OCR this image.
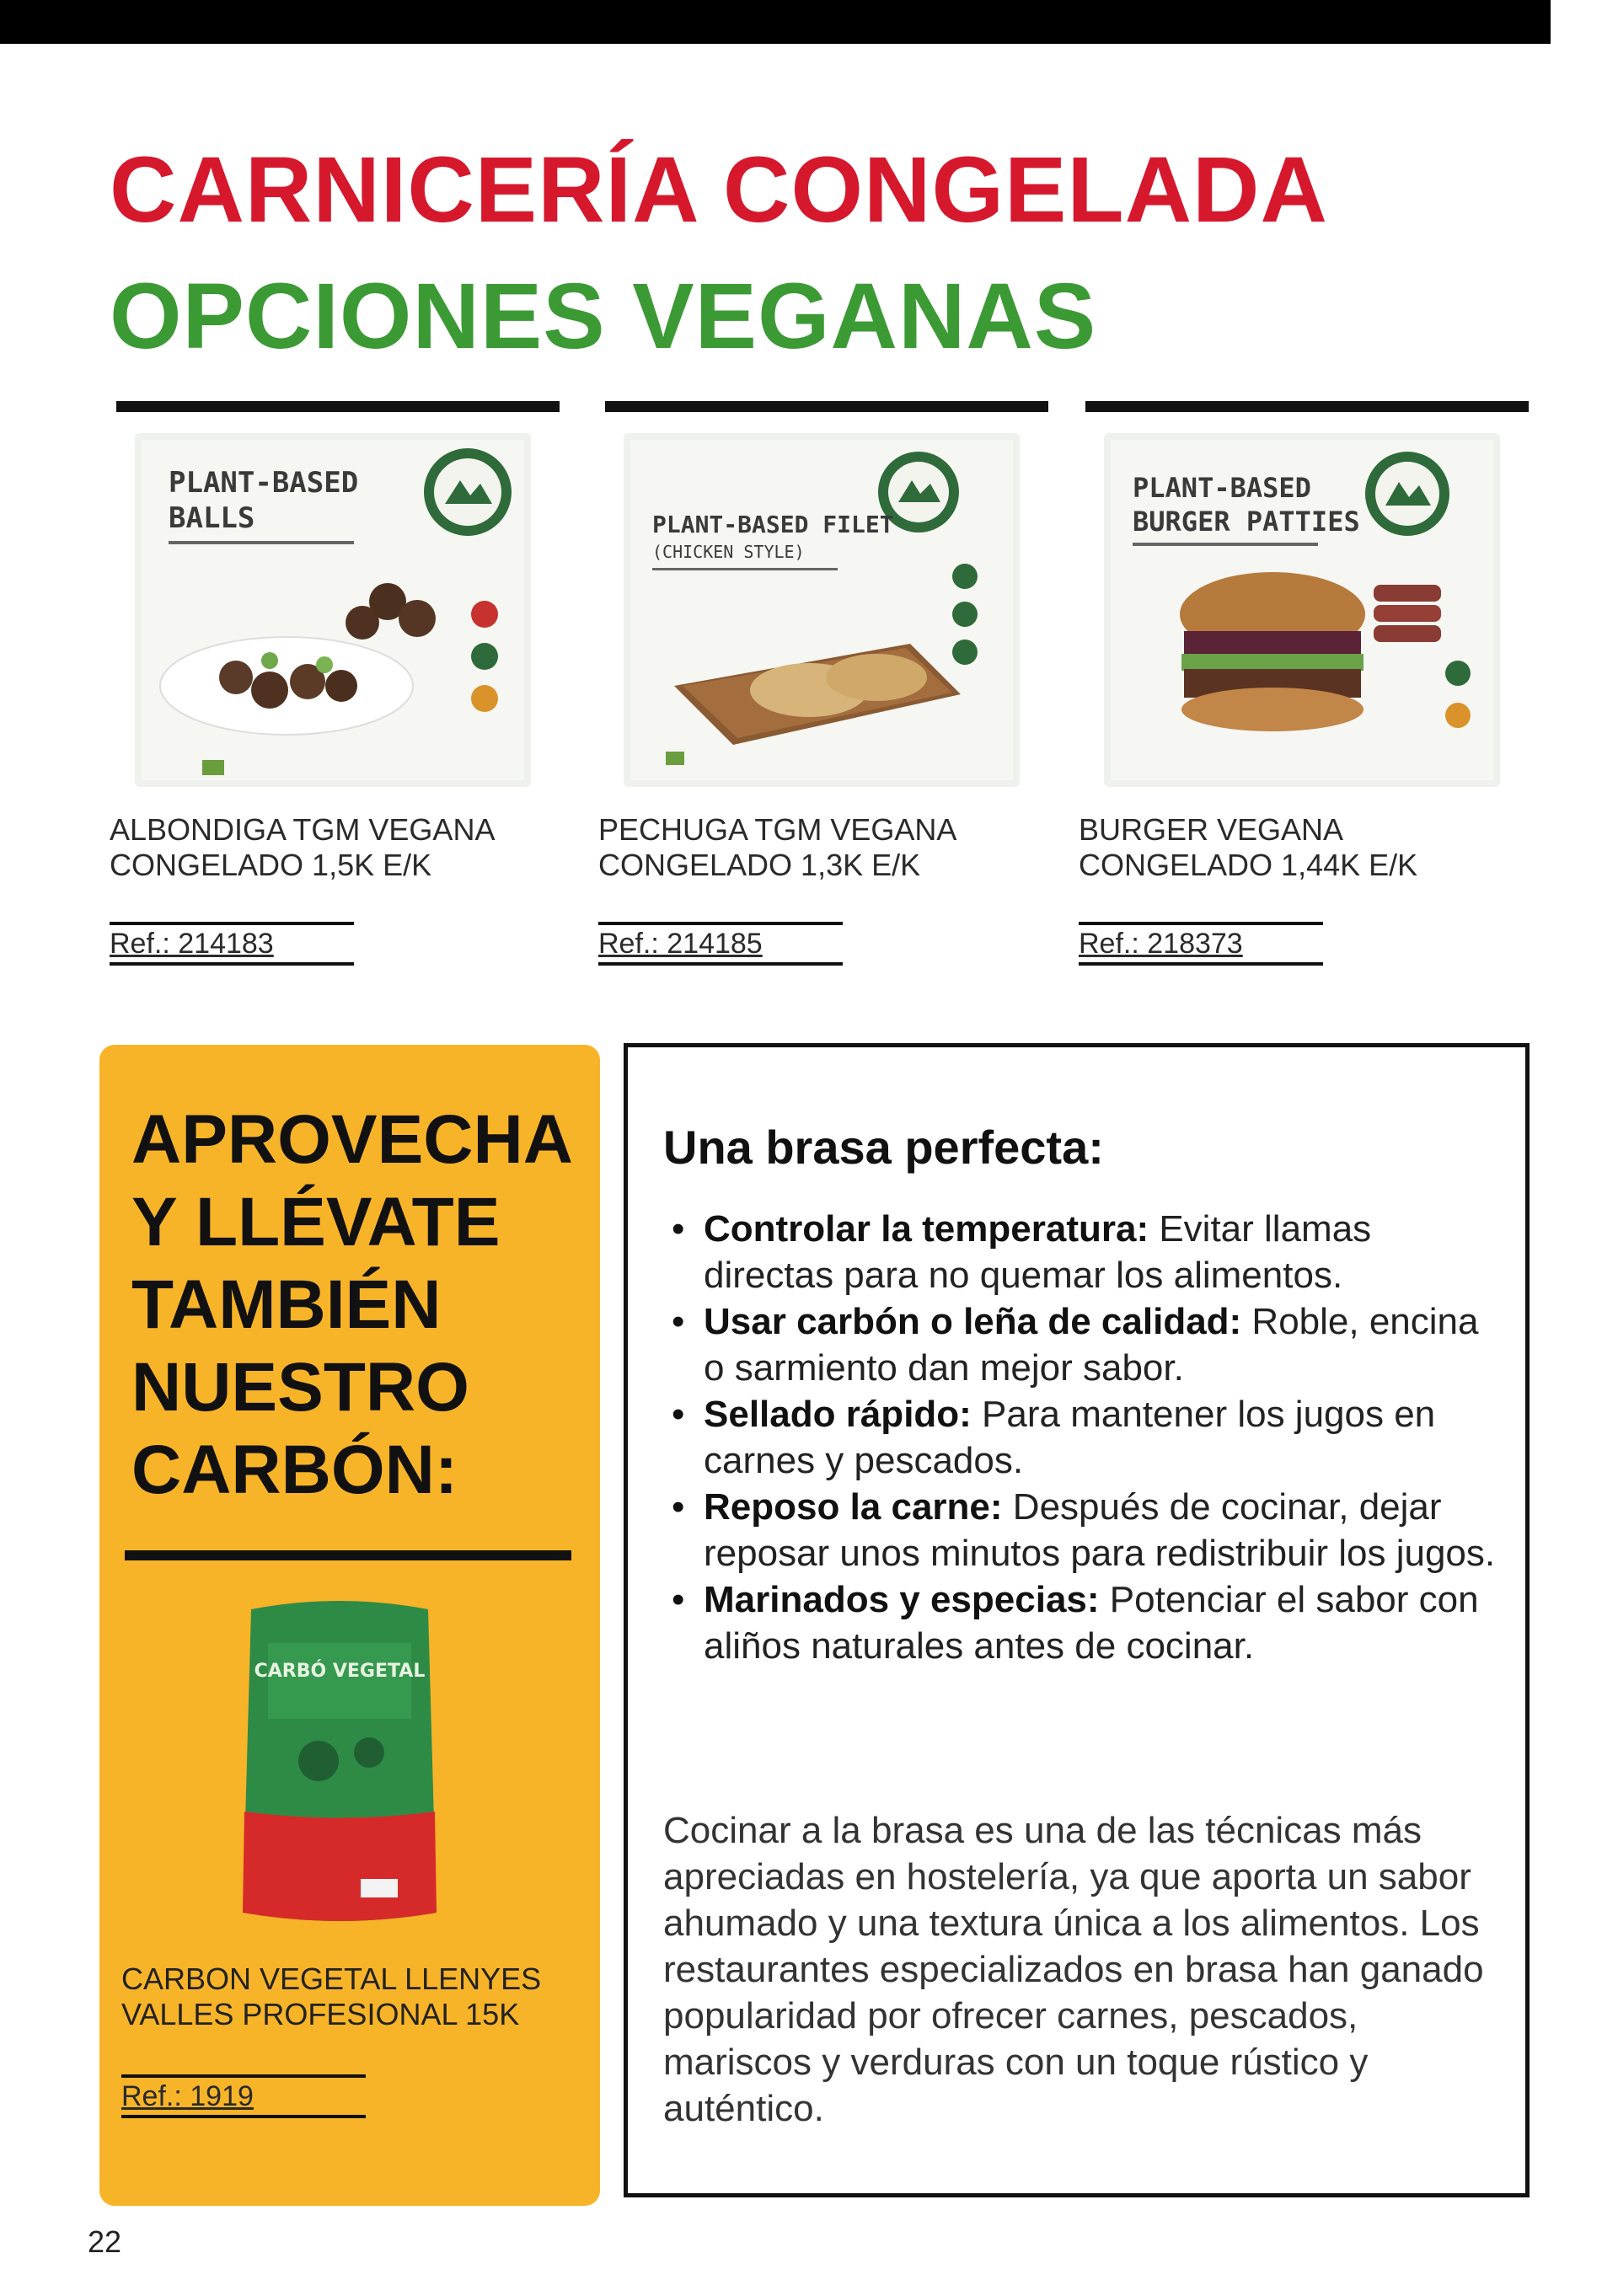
CARNICERÍA CONGELADA
OPCIONES VEGANAS
PLANT-BASED
BALLS
ALBONDIGA TGM VEGANA
CONGELADO 1,5K E/K
Ref.: 214183
PLANT-BASED FILET
(CHICKEN STYLE)
PECHUGA TGM VEGANA
CONGELADO 1,3K E/K
Ref.: 214185
PLANT-BASED
BURGER PATTIES
BURGER VEGANA
CONGELADO 1,44K E/K
Ref.: 218373
APROVECHA
Y LLÉVATE
TAMBIÉN
NUESTRO
CARBÓN:
CARBÓ VEGETAL
CARBON VEGETAL LLENYES
VALLES PROFESIONAL 15K
Ref.: 1919
Una brasa perfecta:
• Controlar la temperatura: Evitar llamas directas para no quemar los alimentos.
• Usar carbón o leña de calidad: Roble, encina o sarmiento dan mejor sabor.
• Sellado rápido: Para mantener los jugos en carnes y pescados.
• Reposo la carne: Después de cocinar, dejar reposar unos minutos para redistribuir los jugos.
• Marinados y especias: Potenciar el sabor con aliños naturales antes de cocinar.
Cocinar a la brasa es una de las técnicas más apreciadas en hostelería, ya que aporta un sabor ahumado y una textura única a los alimentos. Los restaurantes especializados en brasa han ganado popularidad por ofrecer carnes, pescados, mariscos y verduras con un toque rústico y auténtico.
22
